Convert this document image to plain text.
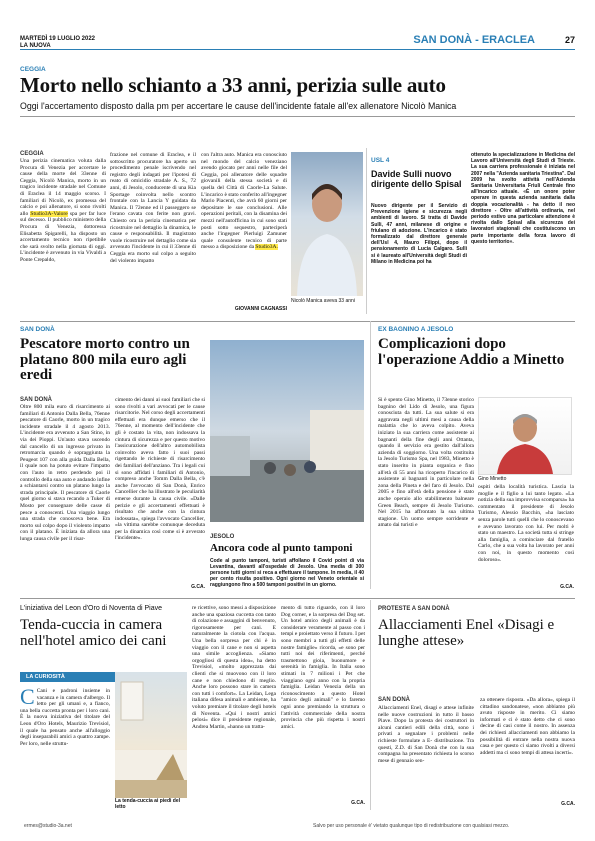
MARTEDÌ 19 LUGLIO 2022
LA NUOVA	SAN DONÀ - ERACLEA	27
CEGGIA
Morto nello schianto a 33 anni, perizia sulle auto
Oggi l'accertamento disposto dalla pm per accertare le cause dell'incidente fatale all'ex allenatore Nicolò Manica
CEGGIA
Una perizia cinematica voluta dalla Procura di Venezia per accertare le cause della morte del 33enne di Ceggia, Nicolò Manica, morto in un tragico incidente stradale nel Comune di Eraclea il 14 maggio scorso. I familiari di Nicolò, ex promessa del calcio e poi allenatore, si sono rivolti allo Studio3A-Valore spa per far luce sul decesso. Il pubblico ministero della Procura di Venezia, dottoressa Elisabetta Spigarelli, ha disposto un accertamento tecnico non ripetibile che sarà svolto nella giornata di oggi. L'incidente è avvenuto in via Vivaldi a Ponte Crepaldo,
frazione nel comune di Eraclea, e il sottoscritto procuratore ha aperto un procedimento penale iscrivendo nel registro degli indagati per l'ipotesi di reato di omicidio stradale A. S., 72 anni, di Jesolo, conducente di una Kia Sportage coinvolta nello scontro frontale con la Lancia Y guidata da Manica. Il 72enne ed il passeggero se l'erano cavata con ferite non gravi. Chiesto ora la perizia cinematica per ricostruire nel dettaglio la dinamica, le cause e responsabilità. Il magistrato vuole ricostruire nel dettaglio come sia avvenuto l'incidente in cui il 33enne di Ceggia era morto sul colpo a seguito del violento impatto
con l'altra auto. Manica era conosciuto nel mondo del calcio veneziano avendo giocato per anni nelle file del Ceggia, poi allenatore delle squadre giovanili della stessa società e di quella del Città di Caorle-La Salute. L'incarico è stato conferito all'ingegner Mario Piacenti, che avrà 60 giorni per depositare le sue conclusioni. Alle operazioni peritali, con la disamina dei mezzi nell'autofficina in cui sono stati posti sotto sequestro, parteciperà anche l'ingegner Pierluigi Zamuner quale consulente tecnico di parte messo a disposizione da Studio3A.
GIOVANNI CAGNASSI
Nicolò Manica aveva 33 anni
USL 4
Davide Sulli nuovo dirigente dello Spisal
Nuovo dirigente per il Servizio di Prevenzione igiene e sicurezza negli ambienti di lavoro. Si tratta di Davide Sulli, 47 anni, milanese di origine e friulano di adozione. L'incarico è stato formalizzato dal direttore generale dell'Usl 4, Mauro Filippi, dopo il pensionamento di Lucia Calgaro. Sulli si è laureato all'Università degli Studi di Milano in Medicina poi ha
ottenuto la specializzazione in Medicina del Lavoro all'Università degli Studi di Trieste. La sua carriera professionale è iniziata nel 2007 nella "Azienda sanitaria Triestina". Dal 2009 ha svolto attività nell'Azienda Sanitaria Universitaria Friuli Centrale fino all'incarico attuale. «È un onore poter operare in questa azienda sanitaria dalla doppia vocazionalità - ha detto il neo direttore - Oltre all'attività ordinaria, nel periodo estivo una particolare attenzione è rivolta dallo Spisal alla sicurezza dei lavoratori stagionali che costituiscono un parte importante della forza lavoro di questo territorio».
SAN DONÀ
Pescatore morto contro un platano 800 mila euro agli eredi
SAN DONÀ
Oltre 800 mila euro di risarcimento ai familiari di Antonio Dalla Bella, 76enne pescatore di Caorle, morto in un tragico incidente stradale il 4 agosto 2013. L'incidente era avvenuto a San Stino, in via dei Pioppi. Un'auto stava uscendo dal cancello di un ingresso privato in retromarcia quando è sopraggiunta la Peugeot 107 con alla guida Dalla Bella, il quale non ha potuto evitare l'impatto con l'auto in retro perdendo poi il controllo della sua auto e andando infine a schiantarsi contro un platano lungo la strada principale. Il pescatore di Caorle quel giorno si stava recando a Tuker di Mosto per consegnare delle casse di pesce a conoscenti. Una viaggio lungo una strada che conosceva bene. Era morto sul colpo dopo il violento impatto con il platano. È iniziata da allora una lunga causa civile per il risar-
cimento dei danni ai suoi familiari che si sono rivolti a vari avvocati per le cause risarcitorie. Nel corso degli accertamenti effettuati era dunque emerso che il 76enne, al momento dell'incidente che gli è costato la vita, non indossava la cintura di sicurezza e per questo motivo l'assicurazione dell'altro automobilista coinvolto aveva fatto i suoi passi rigettando le richieste di risarcimento dei familiari dell'anziano. Tra i legali cui si sono affidati i familiari di Antonio, compreso anche Tomm Dalla Bella, c'è anche l'avvocato di San Donà, Enrico Cancellier che ha illustrato le peculiarità emerse durante la causa civile. «Dalle perizie e gli accertamenti effettuati è risultato che anche con la cintura indossata», spiega l'avvocato Cancellier, «la vittima sarebbe comunque deceduta per la dinamica così come si è avverato l'incidente».
G.CA.
JESOLO
Ancora code al punto tamponi
Code al punto tamponi, turisti affollano il Covid point di via Levantina, davanti all'ospedale di Jesolo. Una media di 300 persone tutti giorni si reca a effettuare il tampone. In media, il 40 per cento risulta positivo. Ogni giorno nel Veneto orientale si raggiungono fino a 500 tamponi positivi in un giorno.
EX BAGNINO A JESOLO
Complicazioni dopo l'operazione Addio a Minetto
Si è spento Gino Minetto, il 73enne storico bagnino del Lido di Jesolo, una figura conosciuta da tutti. La sua salute si era aggravata negli ultimi mesi a causa della malattia che lo aveva colpito. Aveva iniziato la sua carriera come assistente ai bagnanti della fine degli anni Ottanta, quando il servizio era gestito dall'allora azienda di soggiorno. Una volta costituita la Jesolo Turismo Spa, nel 1983, Minetto è stato inserito in pianta organica e fino all'età di 55 anni ha ricoperto l'incarico di assistente ai bagnanti in particolare nella zona della Pineta e del faro di Jesolo. Dal 2005 e fino all'età della pensione è stato anche operaio allo stabilimento balneare Green Beach, sempre di Jesolo Turismo. Nel 2015 ha affrontato la sua ultima stagione. Un uomo sempre sorridente e amato dai turisti e
Gino Minetto
ospiti della località turistica. Lascia la moglie e il figlio a lui tanto legato. «La notizia della sua improvvisa scomparsa» ha commentato il presidente di Jesolo Turismo, Alessio Bacchin, «ha lasciato senza parole tutti quelli che lo conoscevano e avevano lavorato con lui. Per molti è stato un maestro. La società tutta si stringe alla famiglia, a cominciare dal fratello Carlo, che a sua volta ha lavorato per anni con noi, in questo momento così doloroso».
G.CA.
L'iniziativa del Leon d'Oro di Noventa di Piave
Tenda-cuccia in camera nell'hotel amico dei cani
LA CURIOSITÀ
C Cani e padroni insieme in vacanza e in camera d'albergo. Il letto per gli umani e, a fianco, una bella cuccetta pronta per i loro cani. È la nuova iniziativa del titolare del Leon d'Oro Hotels, Maurizio Trevisiol, il quale ha pensato anche all'alloggio degli inseparabili amici a quattro zampe. Per loro, nelle struttu-
La tenda-cuccia ai piedi del letto
re ricettive, sono messi a disposizione anche una spaziosa cuccetta con tanto di colazione e assaggini di benvenuto, rigorosamente per cani. E naturalmente la ciotola con l'acqua. Una bella sorpresa per chi è in viaggio con il cane e non si aspetta una simile accoglienza. «Siamo orgogliosi di questa idea», ha detto Trevisiol, «molto apprezzata dai clienti che si muovono con il loro cane e non chiedono di meglio. Anche loro possono stare in camera con tutti i comfort». La Leidan, Lega italiana difesa animali e ambiente, ha voluto premiare il titolare degli hotels di Noventa. «Qui i nostri amici pelosi» dice il presidente regionale, Andrea Martin, «hanno un tratta-
mento di tutto riguardo, con il loro Dog corner, e la sorpresa del Dog set. Un hotel amico degli animali è da considerare veramente al passo con i tempi e proiettato verso il futuro. I pet sono membri a tutti gli effetti delle nostre famiglie» ricorda, «e sono per tutti noi dei riferimenti, perché trasmettono gioia, buonumore e serenità in famiglia. In Italia sono stimati in 7 milioni i Pet che viaggiano ogni anno con la propria famiglia. Leidan Venezia della un riconoscimento a questo Hotel "amico degli animali" e lo faremo ogni anno premiando la struttura o l'attività commerciale della nostra provincia che più rispetta i nostri amici.
G.CA.
PROTESTE A SAN DONÀ
Allacciamenti Enel «Disagi e lunghe attese»
SAN DONÀ
Allacciamenti Enel, disagi e attese infinite nelle nuove costruzioni in tutto il basso Piave. Dopo la protesta dei costruttori in alcuni cantieri edili della città, sono i privati a segnalare i problemi nelle richieste formulate a E- distribuzione. Tra questi, Z.D. di San Donà che con la sua compagna ha presentato richiesta lo scorso mese di gennaio sen-
za ottenere risposta. «Da allora», spiega il cittadino sandonatese, «non abbiamo più avuto risposte in merito. Ci siamo informati e ci è stato detto che ci sono decine di casi come il nostro. In assenza dei richiesti allacciamenti non abbiamo la possibilità di entrare nella nostra nuova casa e per questo ci siamo rivolti a diversi addetti ma ci sono tempi di attesa incerti».
G.CA.
ermes@studio-3a.net	Salvo per uso personale è' vietato qualunque tipo di redistribuzione con qualsiasi mezzo.
